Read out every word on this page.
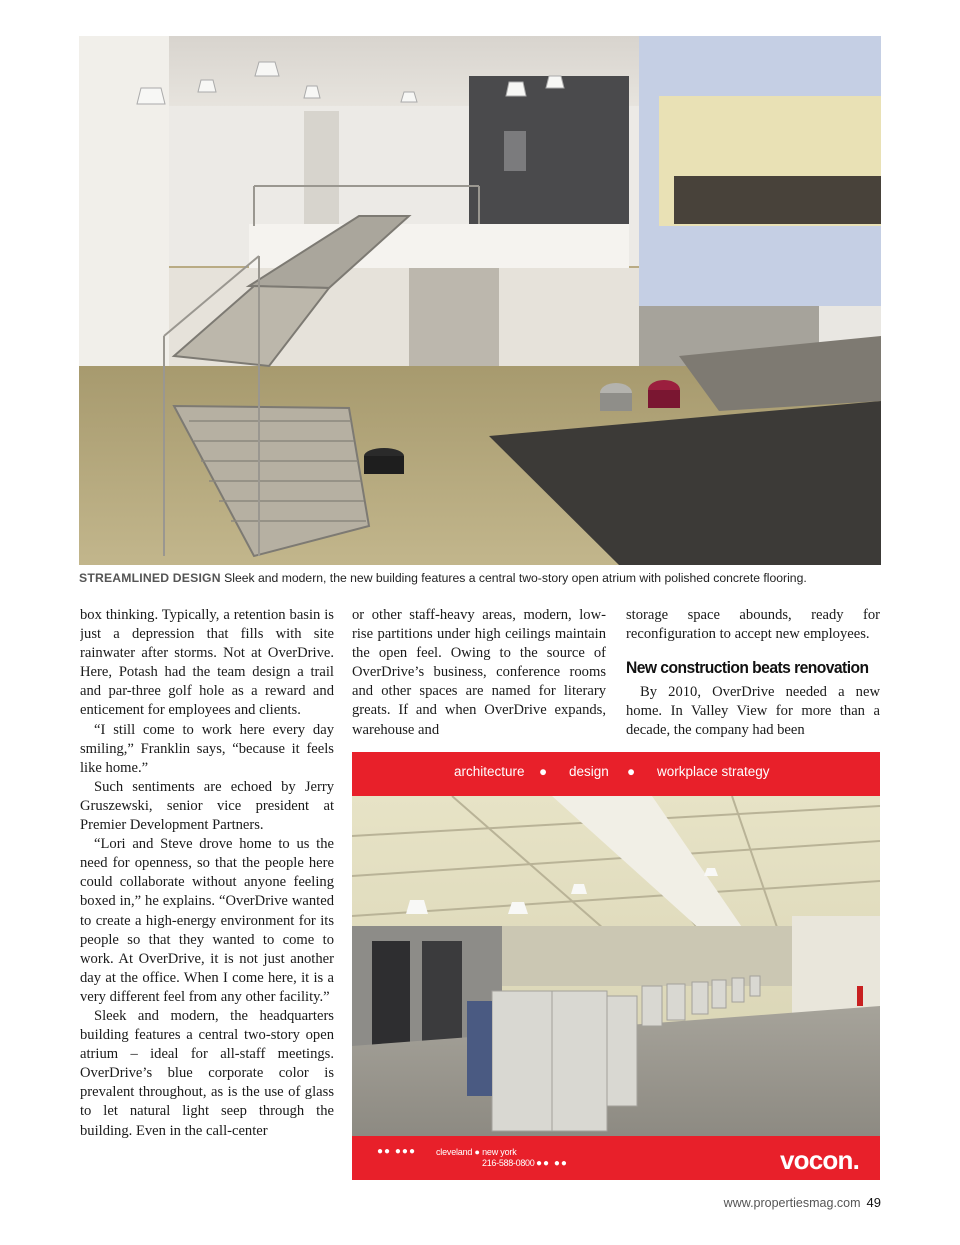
STREAMLINED DESIGN Sleek and modern, the new building features a central two-story open atrium with polished concrete flooring.

box thinking. Typically, a retention basin is just a depression that fills with site rainwater after storms. Not at OverDrive. Here, Potash had the team design a trail and par-three golf hole as a reward and enticement for employees and clients.

“I still come to work here every day smiling,” Franklin says, “because it feels like home.”

Such sentiments are echoed by Jerry Gruszewski, senior vice president at Premier Development Partners.

“Lori and Steve drove home to us the need for openness, so that the people here could collaborate without anyone feeling boxed in,” he explains. “OverDrive wanted to create a high-energy environment for its people so that they wanted to come to work. At OverDrive, it is not just another day at the office. When I come here, it is a very different feel from any other facility.”

Sleek and modern, the headquarters building features a central two-story open atrium – ideal for all-staff meetings. OverDrive’s blue corporate color is prevalent throughout, as is the use of glass to let natural light seep through the building. Even in the call-center

or other staff-heavy areas, modern, low-rise partitions under high ceilings maintain the open feel. Owing to the source of OverDrive’s business, conference rooms and other spaces are named for literary greats. If and when OverDrive expands, warehouse and

storage space abounds, ready for reconfiguration to accept new employees.

New construction beats renovation

By 2010, OverDrive needed a new home. In Valley View for more than a decade, the company had been

architecture ● design ● workplace strategy
●● ●●● cleveland ● new york
216-588-0800 ●● ●●	vocon.
www.propertiesmag.com 49
